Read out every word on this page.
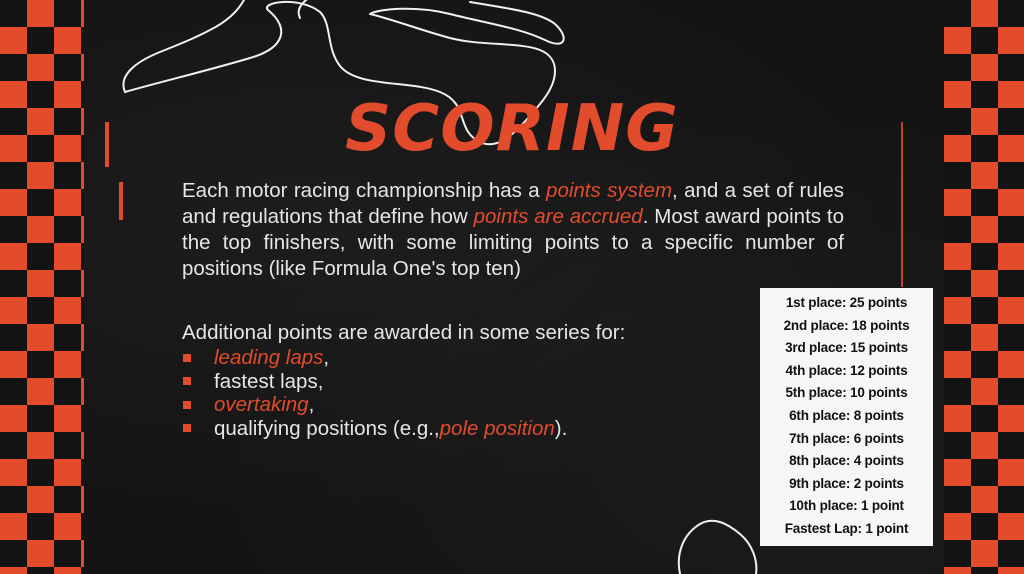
SCORING

Each motor racing championship has a points system, and a set of rules and regulations that define how points are accrued. Most award points to the top finishers, with some limiting points to a specific number of positions (like Formula One's top ten)

Additional points are awarded in some series for:

leading laps ,
fastest laps,
overtaking ,
qualifying positions (e.g., pole position ).
1st place: 25 points
2nd place: 18 points
3rd place: 15 points
4th place: 12 points
5th place: 10 points
6th place: 8 points
7th place: 6 points
8th place: 4 points
9th place: 2 points
10th place: 1 point
Fastest Lap: 1 point
